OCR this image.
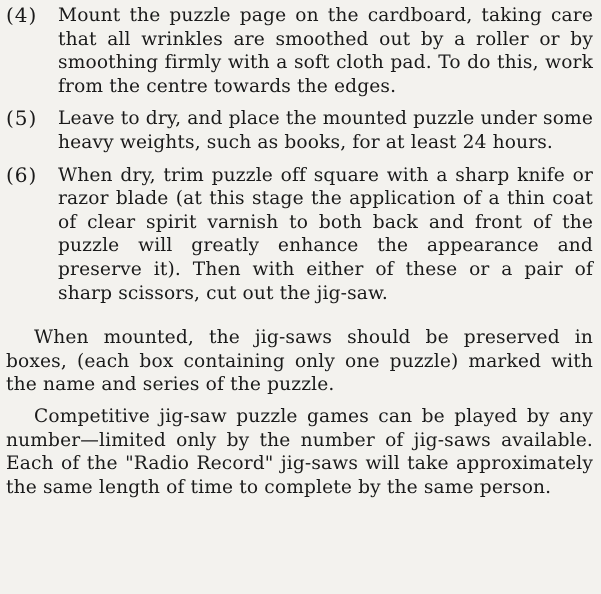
(4)	Mount the puzzle page on the cardboard, taking care that all wrinkles are smoothed out by a roller or by smoothing firmly with a soft cloth pad. To do this, work from the centre towards the edges.
(5)	Leave to dry, and place the mounted puzzle under some heavy weights, such as books, for at least 24 hours.
(6)	When dry, trim puzzle off square with a sharp knife or razor blade (at this stage the application of a thin coat of clear spirit varnish to both back and front of the puzzle will greatly enhance the appearance and preserve it). Then with either of these or a pair of sharp scissors, cut out the jig-saw.

When mounted, the jig-saws should be preserved in boxes, (each box containing only one puzzle) marked with the name and series of the puzzle.

Competitive jig-saw puzzle games can be played by any number—limited only by the number of jig-saws available. Each of the "Radio Record" jig-saws will take approximately the same length of time to complete by the same person.
